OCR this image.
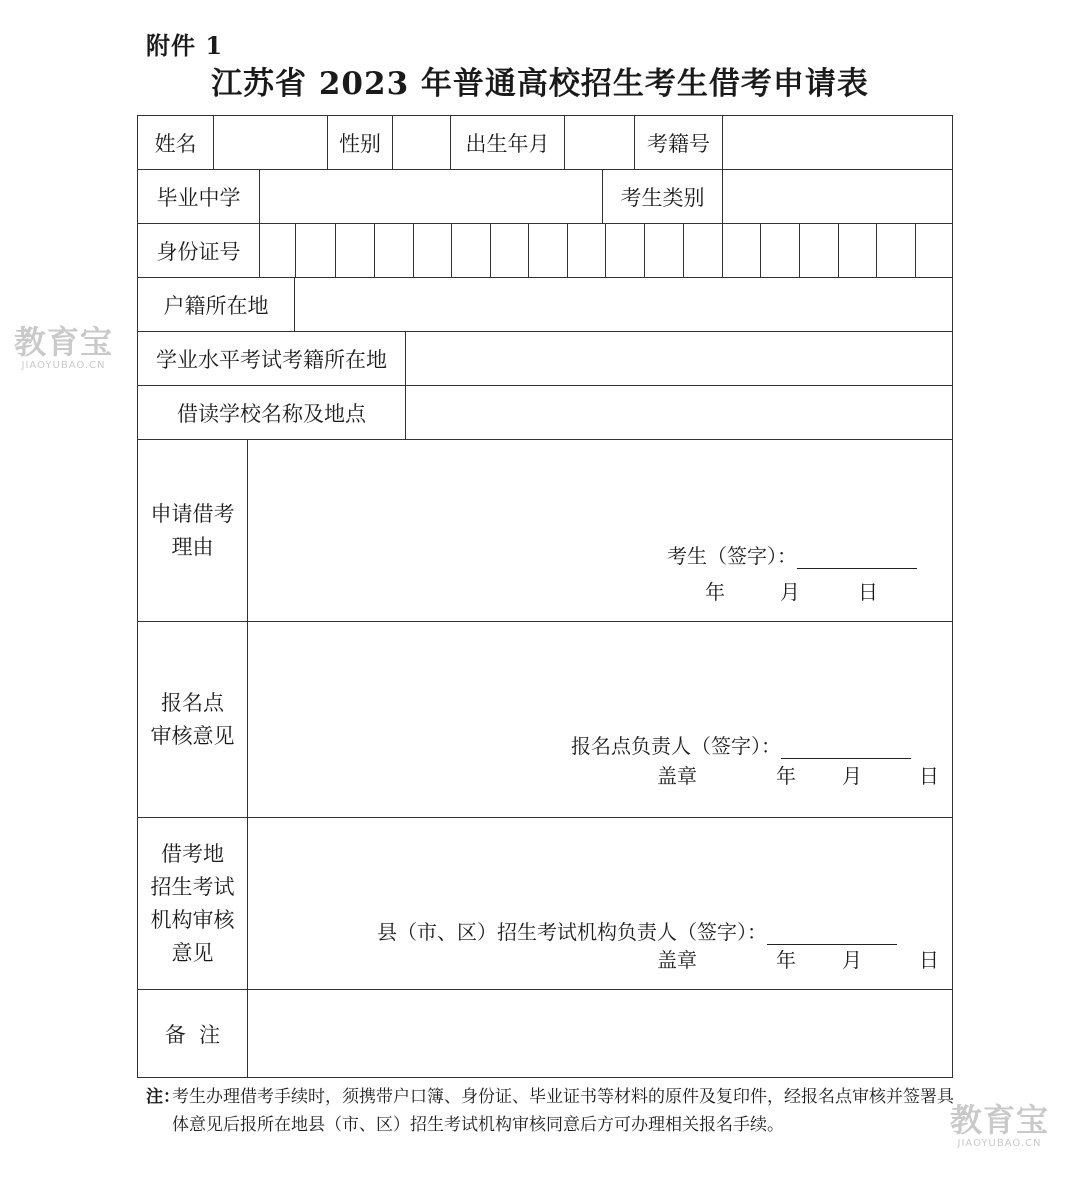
附件 1
江苏省 2023 年普通高校招生考生借考申请表
姓名	性别	出生年月	考籍号
毕业中学	考生类别
身份证号
户籍所在地
学业水平考试考籍所在地
借读学校名称及地点
申请借考
理由	考生（签字）：
年	月	日
报名点
审核意见	报名点负责人（签字）：
盖章	年 月	日
借考地
招生考试
机构审核
意见
县（市、区）招生考试机构负责人（签字）：
盖章	年 月	日
备  注
注：
考生办理借考手续时，须携带户口簿、身份证、毕业证书等材料的原件及复印件，经报名点审核并签署具体意见后报所在地县（市、区）招生考试机构审核同意后方可办理相关报名手续。
教育宝
JIAOYUBAO.CN
教育宝
JIAOYUBAO.CN
